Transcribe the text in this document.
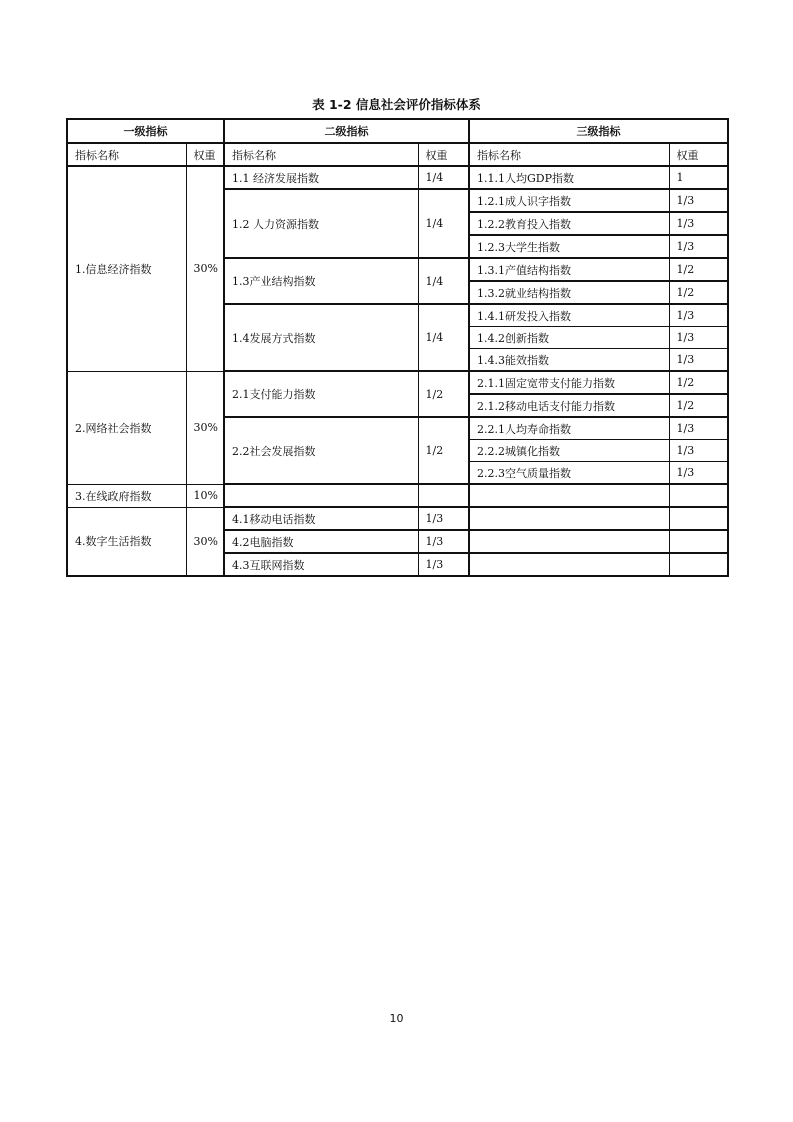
表 1-2 信息社会评价指标体系
一级指标		二级指标		三级指标	
指标名称	权重	指标名称	权重	指标名称	权重
1.信息经济指数	30%	1.1 经济发展指数	1/4	1.1.1人均GDP指数	1
		1.2 人力资源指数	1/4	1.2.1成人识字指数	1/3
				1.2.2教育投入指数	1/3
				1.2.3大学生指数	1/3
		1.3产业结构指数	1/4	1.3.1产值结构指数	1/2
				1.3.2就业结构指数	1/2
		1.4发展方式指数	1/4	1.4.1研发投入指数	1/3
				1.4.2创新指数	1/3
				1.4.3能效指数	1/3
2.网络社会指数	30%	2.1支付能力指数	1/2	2.1.1固定宽带支付能力指数	1/2
				2.1.2移动电话支付能力指数	1/2
		2.2社会发展指数	1/2	2.2.1人均寿命指数	1/3
				2.2.2城镇化指数	1/3
				2.2.3空气质量指数	1/3
3.在线政府指数	10%				
4.数字生活指数	30%	4.1移动电话指数	1/3		
		4.2电脑指数	1/3		
		4.3互联网指数	1/3		
10
